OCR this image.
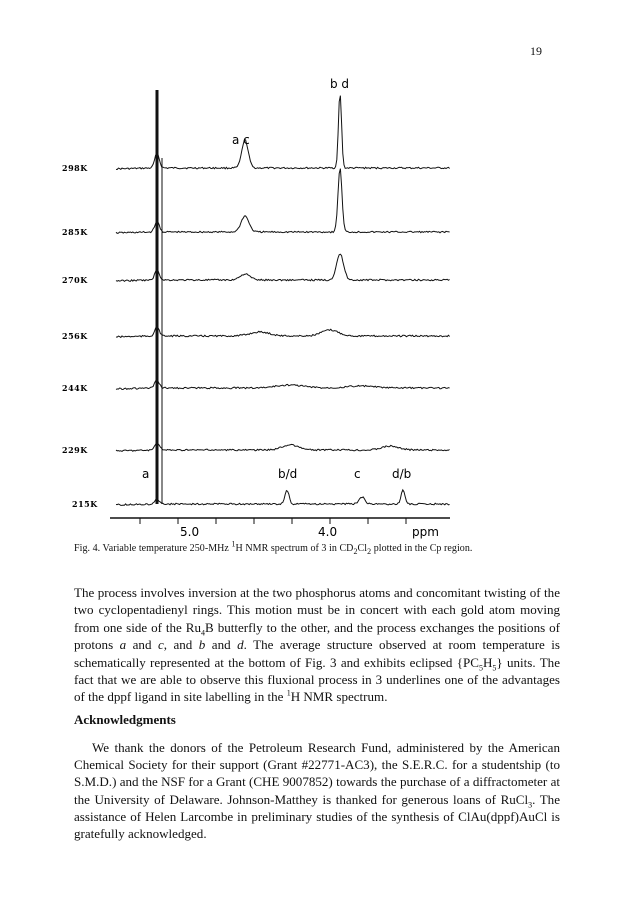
19
298K
285K
270K
256K
244K
229K
215K
a c
b d
a	b/d	c	d/b
5.0	4.0	ppm
Fig. 4. Variable temperature 250-MHz $^1$H NMR spectrum of 3 in $CD_2Cl_2$ plotted in the Cp region.

The process involves inversion at the two phosphorus atoms and concomitant twisting of the two cyclopentadienyl rings. This motion must be in concert with each gold atom moving from one side of the $Ru_4B$ butterfly to the other, and the process exchanges the positions of protons a and c, and b and d. The average structure observed at room temperature is schematically represented at the bottom of Fig. 3 and exhibits eclipsed $\{PC_5H_5\}$ units. The fact that we are able to observe this fluxional process in 3 underlines one of the advantages of the dppf ligand in site labelling in the $^1$H NMR spectrum.

Acknowledgments

We thank the donors of the Petroleum Research Fund, administered by the American Chemical Society for their support (Grant #22771-AC3), the S.E.R.C. for a studentship (to S.M.D.) and the NSF for a Grant (CHE 9007852) towards the purchase of a diffractometer at the University of Delaware. Johnson-Matthey is thanked for generous loans of RuCl$_3$. The assistance of Helen Larcombe in preliminary studies of the synthesis of ClAu(dppf)AuCl is gratefully acknowledged.
